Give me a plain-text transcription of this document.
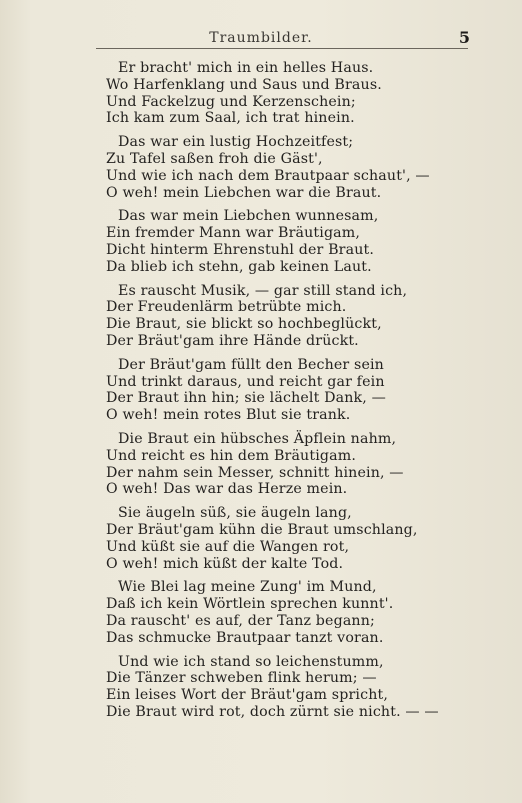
Traumbilder.	5
Er bracht' mich in ein helles Haus.
Wo Harfenklang und Saus und Braus.
Und Fackelzug und Kerzenschein;
Ich kam zum Saal, ich trat hinein.
Das war ein lustig Hochzeitfest;
Zu Tafel saßen froh die Gäst',
Und wie ich nach dem Brautpaar schaut', —
O weh! mein Liebchen war die Braut.
Das war mein Liebchen wunnesam,
Ein fremder Mann war Bräutigam,
Dicht hinterm Ehrenstuhl der Braut.
Da blieb ich stehn, gab keinen Laut.
Es rauscht Musik, — gar still stand ich,
Der Freudenlärm betrübte mich.
Die Braut, sie blickt so hochbeglückt,
Der Bräut'gam ihre Hände drückt.
Der Bräut'gam füllt den Becher sein
Und trinkt daraus, und reicht gar fein
Der Braut ihn hin; sie lächelt Dank, —
O weh! mein rotes Blut sie trank.
Die Braut ein hübsches Äpflein nahm,
Und reicht es hin dem Bräutigam.
Der nahm sein Messer, schnitt hinein, —
O weh! Das war das Herze mein.
Sie äugeln süß, sie äugeln lang,
Der Bräut'gam kühn die Braut umschlang,
Und küßt sie auf die Wangen rot,
O weh! mich küßt der kalte Tod.
Wie Blei lag meine Zung' im Mund,
Daß ich kein Wörtlein sprechen kunnt'.
Da rauscht' es auf, der Tanz begann;
Das schmucke Brautpaar tanzt voran.
Und wie ich stand so leichenstumm,
Die Tänzer schweben flink herum; —
Ein leises Wort der Bräut'gam spricht,
Die Braut wird rot, doch zürnt sie nicht. — —
